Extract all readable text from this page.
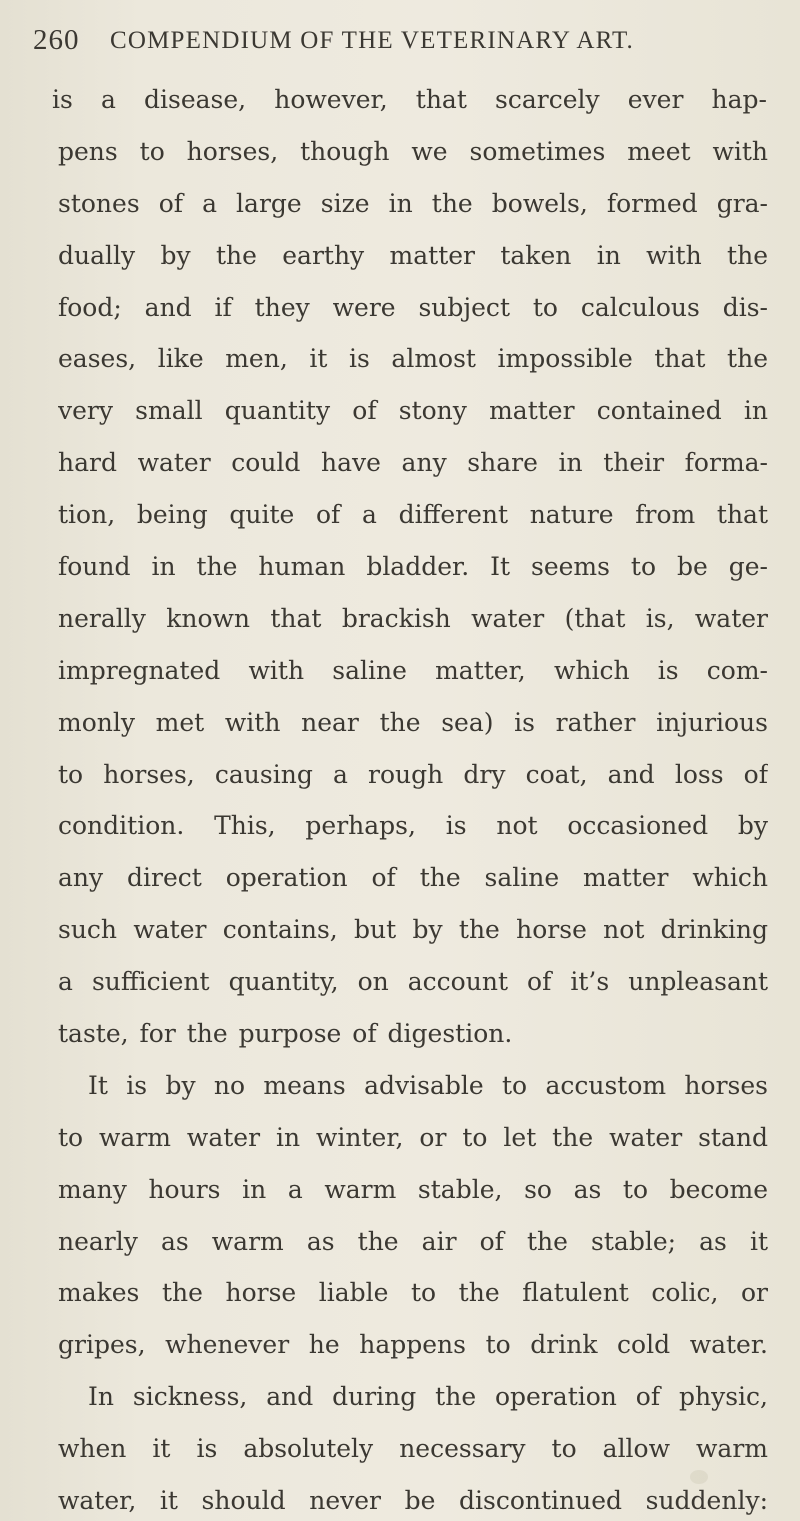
260 COMPENDIUM OF THE VETERINARY ART.
is a disease, however, that scarcely ever hap-
pens to horses, though we sometimes meet with
stones of a large size in the bowels, formed gra-
dually by the earthy matter taken in with the
food; and if they were subject to calculous dis-
eases, like men, it is almost impossible that the
very small quantity of stony matter contained in
hard water could have any share in their forma-
tion, being quite of a different nature from that
found in the human bladder. It seems to be ge-
nerally known that brackish water (that is, water
impregnated with saline matter, which is com-
monly met with near the sea) is rather injurious
to horses, causing a rough dry coat, and loss of
condition. This, perhaps, is not occasioned by
any direct operation of the saline matter which
such water contains, but by the horse not drinking
a sufficient quantity, on account of it’s unpleasant
taste, for the purpose of digestion.
It is by no means advisable to accustom horses
to warm water in winter, or to let the water stand
many hours in a warm stable, so as to become
nearly as warm as the air of the stable; as it
makes the horse liable to the flatulent colic, or
gripes, whenever he happens to drink cold water.
In sickness, and during the operation of physic,
when it is absolutely necessary to allow warm
water, it should never be discontinued suddenly:
